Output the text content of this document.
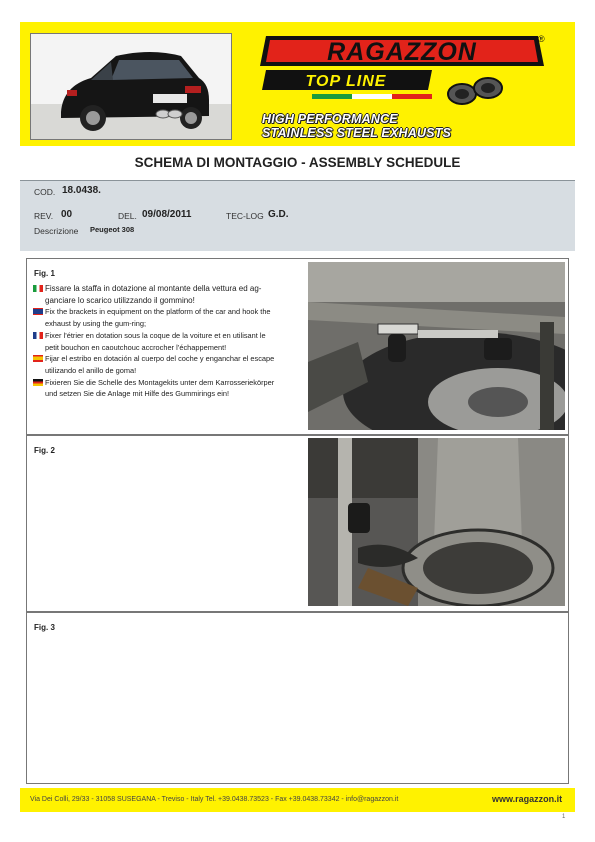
RAGAZZON
TOP LINE
®
HIGH PERFORMANCE
STAINLESS STEEL EXHAUSTS
SCHEMA DI MONTAGGIO - ASSEMBLY SCHEDULE
COD. 18.0438.
REV. 00	DEL. 09/08/2011	TEC-LOG G.D.
Descrizione Peugeot 308
Fig. 1
Fissare la staffa in dotazione al montante della vettura ed ag-
ganciare lo scarico utilizzando il gommino!
Fix the brackets in equipment on the platform of the car and hook the
exhaust by using the gum-ring;
Fixer l’étrier en dotation sous la coque de la voiture et en utilisant le
petit bouchon en caoutchouc accrocher l’échappement!
Fijar el estribo en dotación al cuerpo del coche y enganchar el escape
utilizando el anillo de goma!
Fixieren Sie die Schelle des Montagekits unter dem Karrosseriekörper
und setzen Sie die Anlage mit Hilfe des Gummirings ein!
Fig. 2
Fig. 3
Via Dei Colli, 29/33 - 31058 SUSEGANA - Treviso - Italy Tel. +39.0438.73523 - Fax +39.0438.73342 - info@ragazzon.it	www.ragazzon.it
1
